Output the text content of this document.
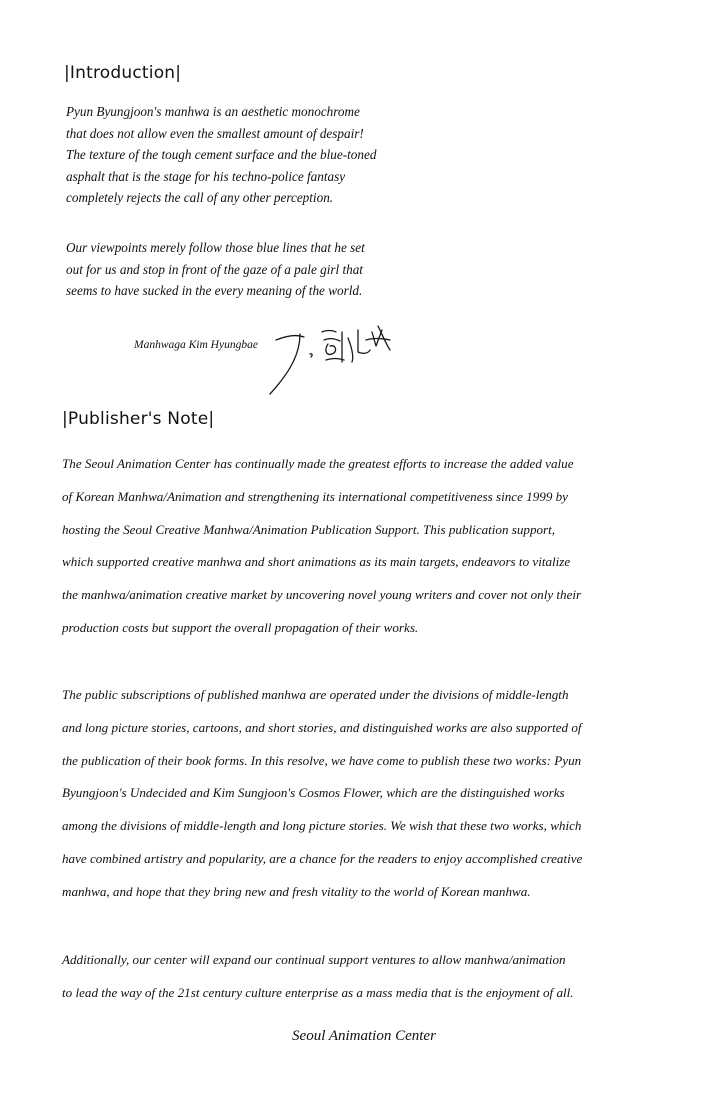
|Introduction|

Pyun Byungjoon's manhwa is an aesthetic monochrome
that does not allow even the smallest amount of despair!
The texture of the tough cement surface and the blue-toned
asphalt that is the stage for his techno-police fantasy
completely rejects the call of any other perception.

Our viewpoints merely follow those blue lines that he set
out for us and stop in front of the gaze of a pale girl that
seems to have sucked in the every meaning of the world.

Manhwaga Kim Hyungbae
|Publisher's Note|

The Seoul Animation Center has continually made the greatest efforts to increase the added value
of Korean Manhwa/Animation and strengthening its international competitiveness since 1999 by
hosting the Seoul Creative Manhwa/Animation Publication Support. This publication support,
which supported creative manhwa and short animations as its main targets, endeavors to vitalize
the manhwa/animation creative market by uncovering novel young writers and cover not only their
production costs but support the overall propagation of their works.

The public subscriptions of published manhwa are operated under the divisions of middle-length
and long picture stories, cartoons, and short stories, and distinguished works are also supported of
the publication of their book forms. In this resolve, we have come to publish these two works: Pyun
Byungjoon's Undecided and Kim Sungjoon's Cosmos Flower, which are the distinguished works
among the divisions of middle-length and long picture stories. We wish that these two works, which
have combined artistry and popularity, are a chance for the readers to enjoy accomplished creative
manhwa, and hope that they bring new and fresh vitality to the world of Korean manhwa.

Additionally, our center will expand our continual support ventures to allow manhwa/animation
to lead the way of the 21st century culture enterprise as a mass media that is the enjoyment of all.

Seoul Animation Center
